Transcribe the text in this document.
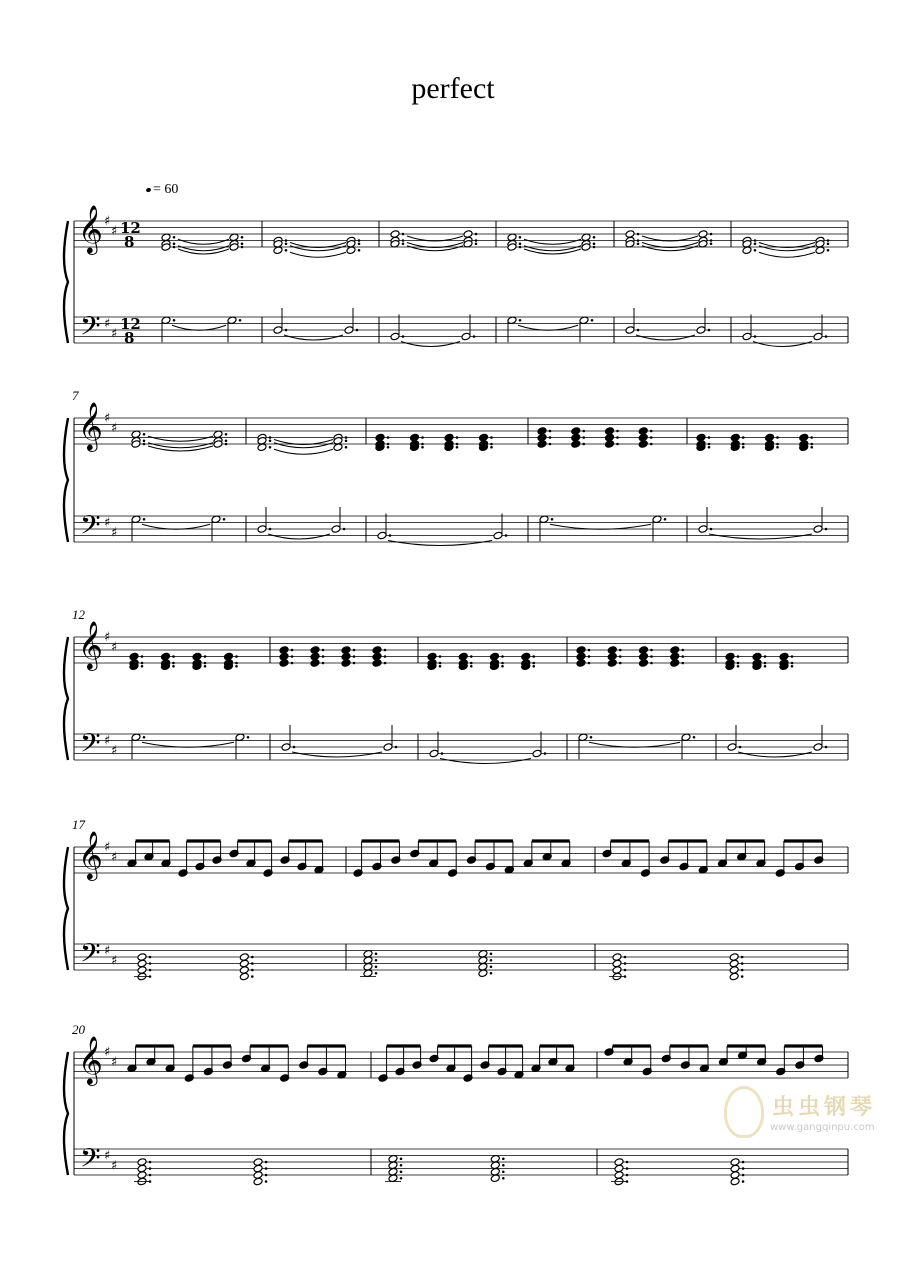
perfect
= 60
𝄞
𝄢
♯
♯
♯
♯
12
8
12
8
𝄞
𝄢
♯
♯
♯
♯
7
𝄞
𝄢
♯
♯
♯
♯
12
𝄞
𝄢
♯
♯
♯
♯
17
𝄞
𝄢
♯
♯
♯
♯
20
虫虫钢琴
www.gangqinpu.com
